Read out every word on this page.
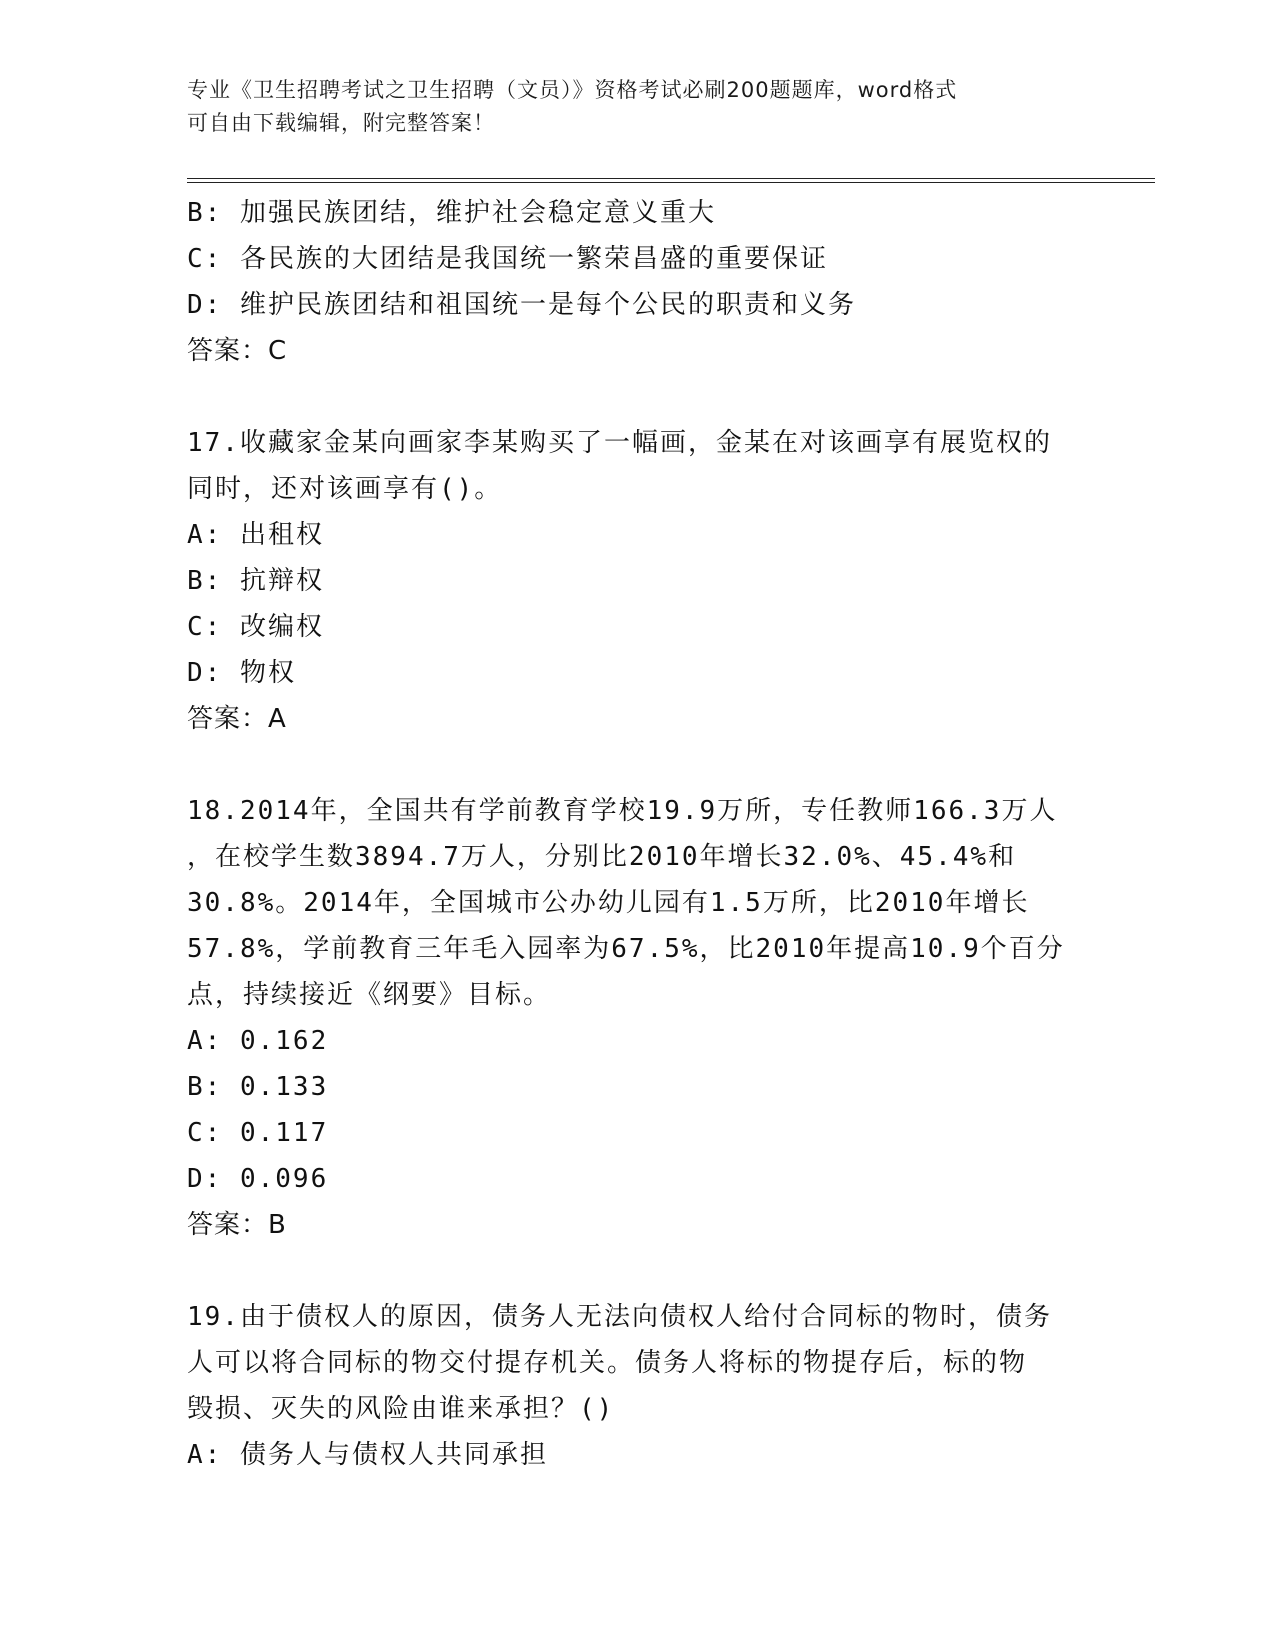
专业《卫生招聘考试之卫生招聘（文员）》资格考试必刷200题题库，word格式
可自由下载编辑，附完整答案！
B: 加强民族团结，维护社会稳定意义重大
C: 各民族的大团结是我国统一繁荣昌盛的重要保证
D: 维护民族团结和祖国统一是每个公民的职责和义务
答案：C
17.收藏家金某向画家李某购买了一幅画，金某在对该画享有展览权的
同时，还对该画享有()。
A: 出租权
B: 抗辩权
C: 改编权
D: 物权
答案：A
18.2014年，全国共有学前教育学校19.9万所，专任教师166.3万人
，在校学生数3894.7万人，分别比2010年增长32.0%、45.4%和
30.8%。2014年，全国城市公办幼儿园有1.5万所，比2010年增长
57.8%，学前教育三年毛入园率为67.5%，比2010年提高10.9个百分
点，持续接近《纲要》目标。
A: 0.162
B: 0.133
C: 0.117
D: 0.096
答案：B
19.由于债权人的原因，债务人无法向债权人给付合同标的物时，债务
人可以将合同标的物交付提存机关。债务人将标的物提存后，标的物
毁损、灭失的风险由谁来承担？()
A: 债务人与债权人共同承担
